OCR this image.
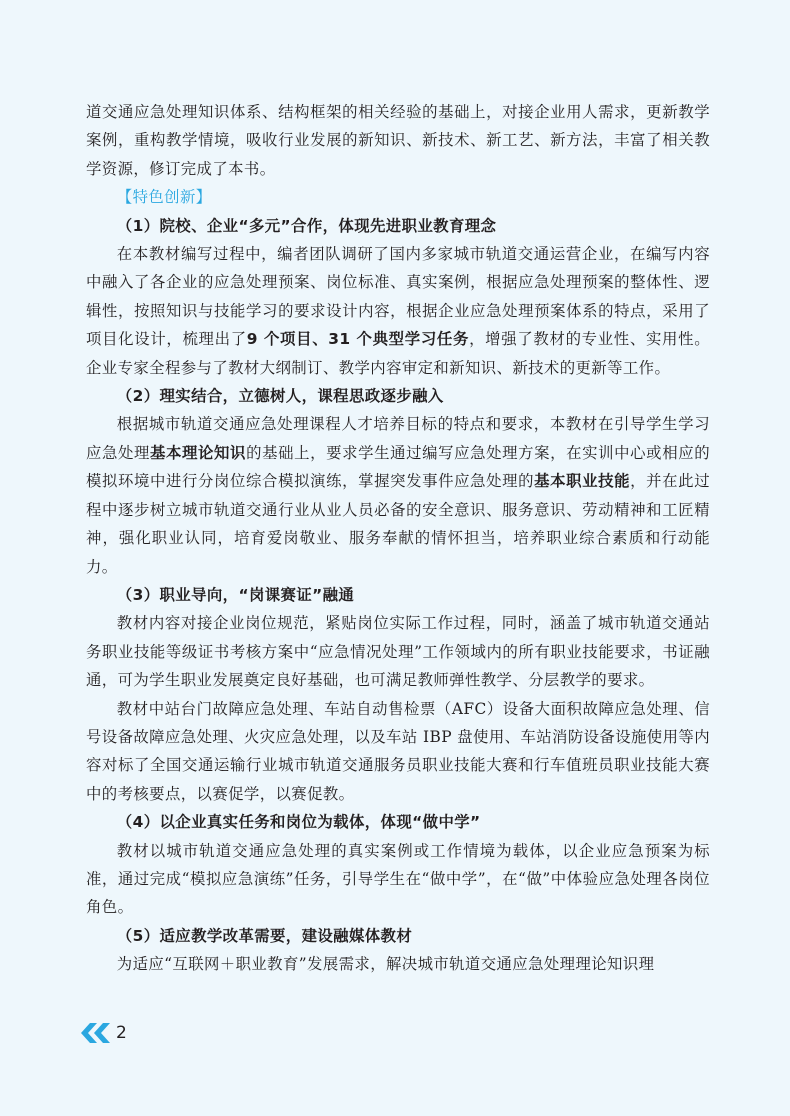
道交通应急处理知识体系、结构框架的相关经验的基础上，对接企业用人需求，更新教学案例，重构教学情境，吸收行业发展的新知识、新技术、新工艺、新方法，丰富了相关教学资源，修订完成了本书。

【特色创新】

（1）院校、企业“多元”合作，体现先进职业教育理念

在本教材编写过程中，编者团队调研了国内多家城市轨道交通运营企业，在编写内容中融入了各企业的应急处理预案、岗位标准、真实案例，根据应急处理预案的整体性、逻辑性，按照知识与技能学习的要求设计内容，根据企业应急处理预案体系的特点，采用了项目化设计，梳理出了9 个项目、31 个典型学习任务，增强了教材的专业性、实用性。企业专家全程参与了教材大纲制订、教学内容审定和新知识、新技术的更新等工作。

（2）理实结合，立德树人，课程思政逐步融入

根据城市轨道交通应急处理课程人才培养目标的特点和要求，本教材在引导学生学习应急处理基本理论知识的基础上，要求学生通过编写应急处理方案，在实训中心或相应的模拟环境中进行分岗位综合模拟演练，掌握突发事件应急处理的基本职业技能，并在此过程中逐步树立城市轨道交通行业从业人员必备的安全意识、服务意识、劳动精神和工匠精神，强化职业认同，培育爱岗敬业、服务奉献的情怀担当，培养职业综合素质和行动能力。

（3）职业导向，“岗课赛证”融通

教材内容对接企业岗位规范，紧贴岗位实际工作过程，同时，涵盖了城市轨道交通站务职业技能等级证书考核方案中“应急情况处理”工作领域内的所有职业技能要求，书证融通，可为学生职业发展奠定良好基础，也可满足教师弹性教学、分层教学的要求。

教材中站台门故障应急处理、车站自动售检票（AFC）设备大面积故障应急处理、信号设备故障应急处理、火灾应急处理，以及车站 IBP 盘使用、车站消防设备设施使用等内容对标了全国交通运输行业城市轨道交通服务员职业技能大赛和行车值班员职业技能大赛中的考核要点，以赛促学，以赛促教。

（4）以企业真实任务和岗位为载体，体现“做中学”

教材以城市轨道交通应急处理的真实案例或工作情境为载体，以企业应急预案为标准，通过完成“模拟应急演练”任务，引导学生在“做中学”，在“做”中体验应急处理各岗位角色。

（5）适应教学改革需要，建设融媒体教材

为适应“互联网＋职业教育”发展需求，解决城市轨道交通应急处理理论知识理

2
